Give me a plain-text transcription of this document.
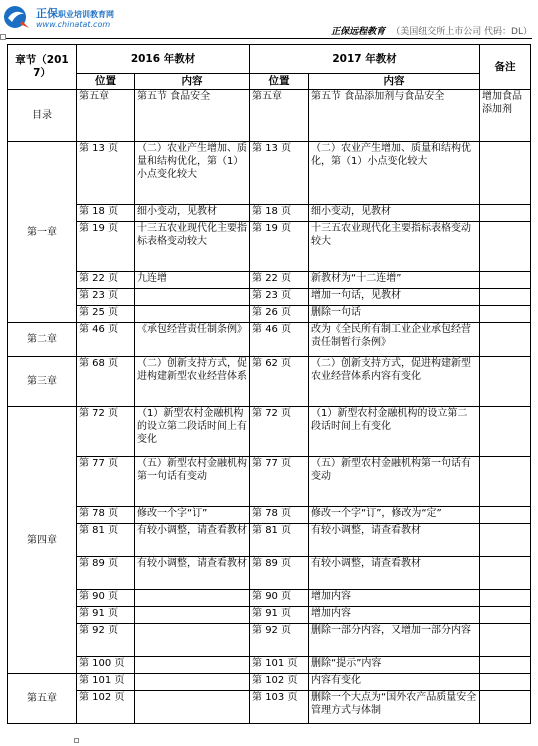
正保职业培训教育网
www.chinatat.com
正保远程教育 （美国纽交所上市公司 代码：DL）
章节（2017）	2016 年教材		2017 年教材		备注
	位置	内容	位置	内容	
目录	第五章	第五节 食品安全	第五章	第五节 食品添加剂与食品安全	增加食品添加剂
第一章	第 13 页	（二）农业产生增加、质量和结构优化，第（1）小点变化较大	第 13 页	（二）农业产生增加、质量和结构优化，第（1）小点变化较大	
	第 18 页	细小变动，见教材	第 18 页	细小变动，见教材	
	第 19 页	十三五农业现代化主要指标表格变动较大	第 19 页	十三五农业现代化主要指标表格变动较大	
	第 22 页	九连增	第 22 页	新教材为“十二连增”	
	第 23 页		第 23 页	增加一句话，见教材	
	第 25 页		第 26 页	删除一句话	
第二章	第 46 页	《承包经营责任制条例》	第 46 页	改为《全民所有制工业企业承包经营责任制暂行条例》	
第三章	第 68 页	（二）创新支持方式，促进构建新型农业经营体系	第 62 页	（二）创新支持方式，促进构建新型农业经营体系内容有变化	
第四章	第 72 页	（1）新型农村金融机构的设立第二段话时间上有变化	第 72 页	（1）新型农村金融机构的设立第二段话时间上有变化	
	第 77 页	（五）新型农村金融机构第一句话有变动	第 77 页	（五）新型农村金融机构第一句话有变动	
	第 78 页	修改一个字“订”	第 78 页	修改一个字“订”，修改为“定”	
	第 81 页	有较小调整，请查看教材	第 81 页	有较小调整，请查看教材	
	第 89 页	有较小调整，请查看教材	第 89 页	有较小调整，请查看教材	
	第 90 页		第 90 页	增加内容	
	第 91 页		第 91 页	增加内容	
	第 92 页		第 92 页	删除一部分内容，又增加一部分内容	
	第 100 页		第 101 页	删除“提示”内容	
第五章	第 101 页		第 102 页	内容有变化	
	第 102 页		第 103 页	删除一个大点为“国外农产品质量安全管理方式与体制	
